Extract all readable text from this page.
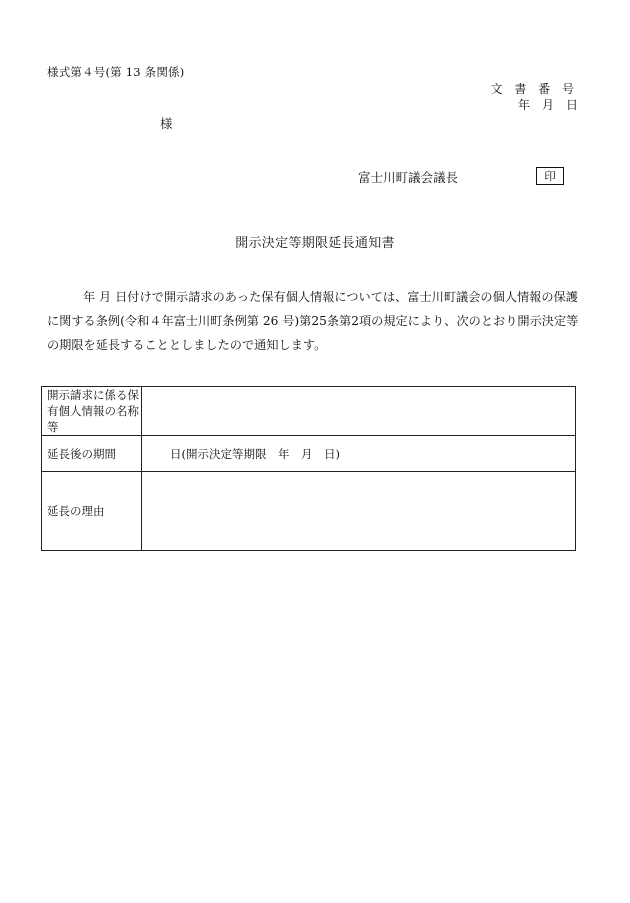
様式第４号(第 13 条関係)
文 書 番 号
年　月　日
様
富士川町議会議長	印
開示決定等期限延長通知書
年 月 日付けで開示請求のあった保有個人情報については、富士川町議会の個人情報の保護に関する条例(令和４年富士川町条例第 26 号)第25条第2項の規定により、次のとおり開示決定等の期限を延長することとしましたので通知します。
開示請求に係る保有個人情報の名称等	
延長後の期間	日(開示決定等期限　年　月　日)
延長の理由	
